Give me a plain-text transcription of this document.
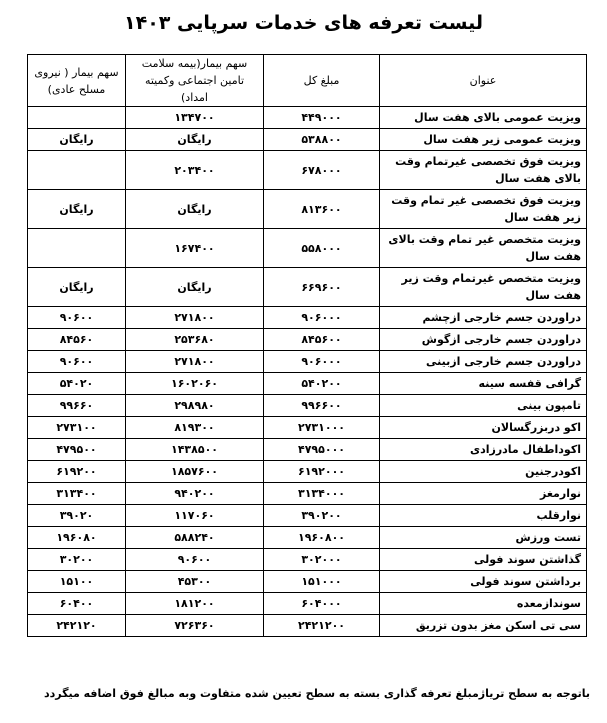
لیست تعرفه های خدمات سرپایی ۱۴۰۳
عنوان	مبلغ کل	سهم بیمار(بیمه سلامت تامین اجتماعی وکمیته امداد)	سهم بیمار ( نیروی مسلح عادی)
ویزیت عمومی بالای هفت سال	۴۴۹۰۰۰	۱۳۴۷۰۰	
ویزیت عمومی زیر هفت سال	۵۳۸۸۰۰	رایگان	رایگان
ویزیت فوق تخصصی غیرتمام وقت بالای هفت سال	۶۷۸۰۰۰	۲۰۳۴۰۰	
ویزیت فوق تخصصی غیر تمام وقت زیر هفت سال	۸۱۳۶۰۰	رایگان	رایگان
ویزیت متخصص غیر تمام وقت بالای هفت سال	۵۵۸۰۰۰	۱۶۷۴۰۰	
ویزیت متخصص غیرتمام وقت زیر هفت سال	۶۶۹۶۰۰	رایگان	رایگان
دراوردن جسم خارجی ازچشم	۹۰۶۰۰۰	۲۷۱۸۰۰	۹۰۶۰۰
دراوردن جسم خارجی ازگوش	۸۴۵۶۰۰	۲۵۳۶۸۰	۸۴۵۶۰
دراوردن جسم خارجی ازبینی	۹۰۶۰۰۰	۲۷۱۸۰۰	۹۰۶۰۰
گرافی قفسه سینه	۵۴۰۲۰۰	۱۶۰۲۰۶۰	۵۴۰۲۰
تامپون بینی	۹۹۶۶۰۰	۲۹۸۹۸۰	۹۹۶۶۰
اکو دربزرگسالان	۲۷۳۱۰۰۰	۸۱۹۳۰۰	۲۷۳۱۰۰
اکوداطفال مادرزادی	۴۷۹۵۰۰۰	۱۴۳۸۵۰۰	۴۷۹۵۰۰
اکودرجنین	۶۱۹۲۰۰۰	۱۸۵۷۶۰۰	۶۱۹۲۰۰
نوارمغز	۳۱۳۴۰۰۰	۹۴۰۲۰۰	۳۱۳۴۰۰
نوارقلب	۳۹۰۲۰۰	۱۱۷۰۶۰	۳۹۰۲۰
تست ورزش	۱۹۶۰۸۰۰	۵۸۸۲۴۰	۱۹۶۰۸۰
گذاشتن سوند فولی	۳۰۲۰۰۰	۹۰۶۰۰	۳۰۲۰۰
برداشتن سوند فولی	۱۵۱۰۰۰	۴۵۳۰۰	۱۵۱۰۰
سوندازمعده	۶۰۴۰۰۰	۱۸۱۲۰۰	۶۰۴۰۰
سی تی اسکن مغز بدون تزریق	۲۴۲۱۲۰۰	۷۲۶۳۶۰	۲۴۲۱۲۰
باتوجه به سطح تریاژمبلغ تعرفه گذاری بسته به سطح تعیین شده متفاوت وبه مبالغ فوق اضافه میگردد
